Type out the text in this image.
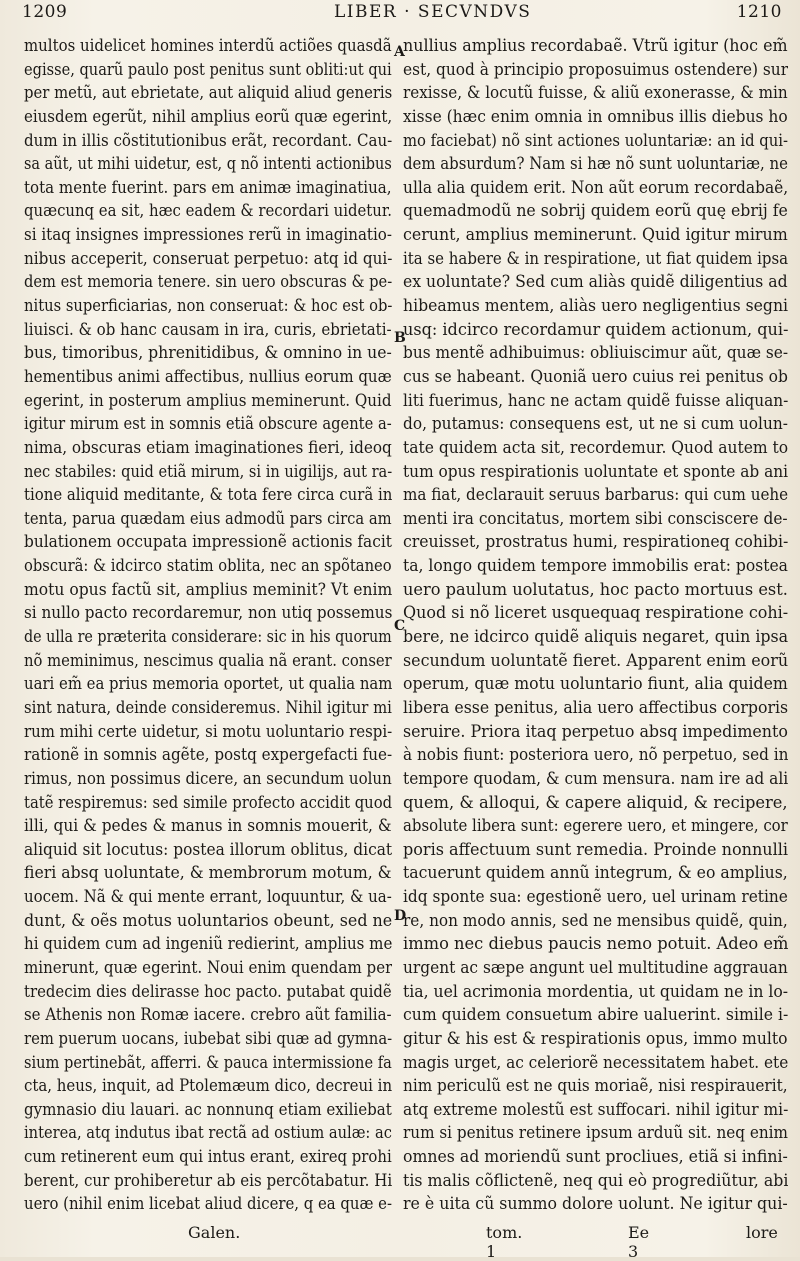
1209	LIBER · SECVNDVS	1210
multos uidelicet homines interdũ actiões quasdã
egisse, quarũ paulo post penitus sunt obliti:ut qui
per metũ, aut ebrietate, aut aliquid aliud generis
eiusdem egerũt, nihil amplius eorũ quæ egerint,
dum in illis cõstitutionibus erãt, recordant. Cau-
sa aũt, ut mihi uidetur, est, q nõ intenti actionibus
tota mente fuerint. pars em animæ imaginatiua,
quæcunq ea sit, hæc eadem & recordari uidetur.
si itaq insignes impressiones rerũ in imaginatio-
nibus acceperit, conseruat perpetuo: atq id qui-
dem est memoria tenere. sin uero obscuras & pe-
nitus superficiarias, non conseruat: & hoc est ob-
liuisci. & ob hanc causam in ira, curis, ebrietati-
bus, timoribus, phrenitidibus, & omnino in ue-
hementibus animi affectibus, nullius eorum quæ
egerint, in posterum amplius meminerunt. Quid
igitur mirum est in somnis etiã obscure agente a-
nima, obscuras etiam imaginationes fieri, ideoq
nec stabiles: quid etiã mirum, si in uigilijs, aut ra-
tione aliquid meditante, & tota fere circa curã in
tenta, parua quædam eius admodũ pars circa am
bulationem occupata impressionẽ actionis facit
obscurã: & idcirco statim oblita, nec an spõtaneo
motu opus factũ sit, amplius meminit? Vt enim
si nullo pacto recordaremur, non utiq possemus
de ulla re præterita considerare: sic in his quorum
nõ meminimus, nescimus qualia nã erant. conser
uari em̃ ea prius memoria oportet, ut qualia nam
sint natura, deinde consideremus. Nihil igitur mi
rum mihi certe uidetur, si motu uoluntario respi-
rationẽ in somnis agẽte, postq expergefacti fue-
rimus, non possimus dicere, an secundum uolun
tatẽ respiremus: sed simile profecto accidit quod
illi, qui & pedes & manus in somnis mouerit, &
aliquid sit locutus: postea illorum oblitus, dicat
fieri absq uoluntate, & membrorum motum, &
uocem. Nã & qui mente errant, loquuntur, & ua-
dunt, & oẽs motus uoluntarios obeunt, sed ne
hi quidem cum ad ingeniũ redierint, amplius me
minerunt, quæ egerint. Noui enim quendam per
tredecim dies delirasse hoc pacto. putabat quidẽ
se Athenis non Romæ iacere. crebro aũt familia-
rem puerum uocans, iubebat sibi quæ ad gymna-
sium pertinebãt, afferri. & pauca intermissione fa
cta, heus, inquit, ad Ptolemæum dico, decreui in
gymnasio diu lauari. ac nonnunq etiam exiliebat
interea, atq indutus ibat rectã ad ostium aulæ: ac
cum retinerent eum qui intus erant, exireq prohi
berent, cur prohiberetur ab eis percõtabatur. Hi
uero (nihil enim licebat aliud dicere, q ea quæ e-
nullius amplius recordabaẽ. Vtrũ igitur (hoc em̃
est, quod à principio proposuimus ostendere) sur
rexisse, & locutũ fuisse, & aliũ exonerasse, & min
xisse (hæc enim omnia in omnibus illis diebus ho
mo faciebat) nõ sint actiones uoluntariæ: an id qui-
dem absurdum? Nam si hæ nõ sunt uoluntariæ, ne
ulla alia quidem erit. Non aũt eorum recordabaẽ,
quemadmodũ ne sobrij quidem eorũ quę ebrij fe
cerunt, amplius meminerunt. Quid igitur mirum
ita se habere & in respiratione, ut fiat quidem ipsa
ex uoluntate? Sed cum aliàs quidẽ diligentius ad
hibeamus mentem, aliàs uero negligentius segni
usq: idcirco recordamur quidem actionum, qui-
bus mentẽ adhibuimus: obliuiscimur aũt, quæ se-
cus se habeant. Quoniã uero cuius rei penitus ob
liti fuerimus, hanc ne actam quidẽ fuisse aliquan-
do, putamus: consequens est, ut ne si cum uolun-
tate quidem acta sit, recordemur. Quod autem to
tum opus respirationis uoluntate et sponte ab ani
ma fiat, declarauit seruus barbarus: qui cum uehe
menti ira concitatus, mortem sibi consciscere de-
creuisset, prostratus humi, respirationeq cohibi-
ta, longo quidem tempore immobilis erat: postea
uero paulum uolutatus, hoc pacto mortuus est.
Quod si nõ liceret usquequaq respiratione cohi-
bere, ne idcirco quidẽ aliquis negaret, quin ipsa
secundum uoluntatẽ fieret. Apparent enim eorũ
operum, quæ motu uoluntario fiunt, alia quidem
libera esse penitus, alia uero affectibus corporis
seruire. Priora itaq perpetuo absq impedimento
à nobis fiunt: posteriora uero, nõ perpetuo, sed in
tempore quodam, & cum mensura. nam ire ad ali
quem, & alloqui, & capere aliquid, & recipere,
absolute libera sunt: egerere uero, et mingere, cor
poris affectuum sunt remedia. Proinde nonnulli
tacuerunt quidem annũ integrum, & eo amplius,
idq sponte sua: egestionẽ uero, uel urinam retine
re, non modo annis, sed ne mensibus quidẽ, quin,
immo nec diebus paucis nemo potuit. Adeo em̃
urgent ac sæpe angunt uel multitudine aggrauan
tia, uel acrimonia mordentia, ut quidam ne in lo-
cum quidem consuetum abire ualuerint. simile i-
gitur & his est & respirationis opus, immo multo
magis urget, ac celeriorẽ necessitatem habet. ete
nim periculũ est ne quis moriaẽ, nisi respirauerit,
atq extreme molestũ est suffocari. nihil igitur mi-
rum si penitus retinere ipsum arduũ sit. neq enim
omnes ad moriendũ sunt procliues, etiã si infini-
tis malis cõflictenẽ, neq qui eò progrediũtur, abi
re è uita cũ summo dolore uolunt. Ne igitur qui-
A
B
C
D
Galen.	tom. 1
Ee 3
lore
